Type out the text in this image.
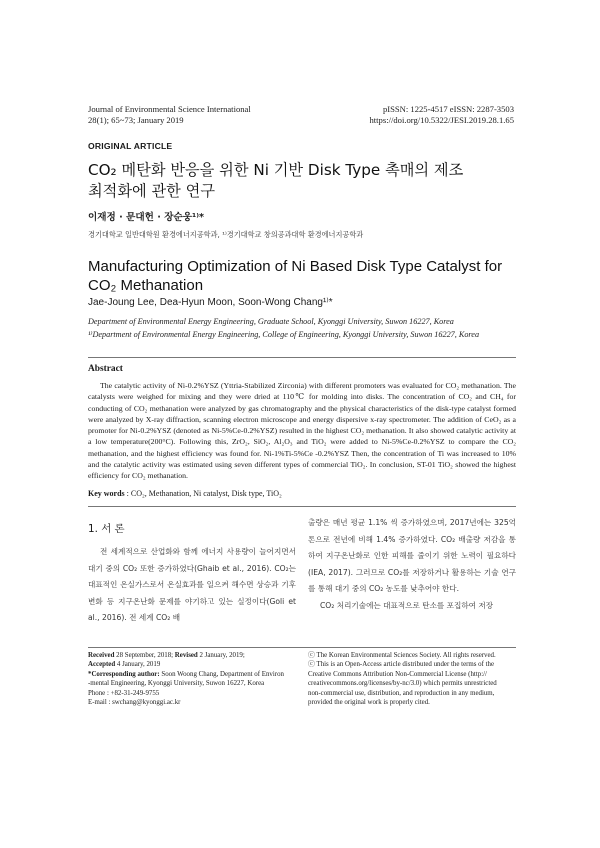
Journal of Environmental Science International
28(1); 65~73; January 2019
pISSN: 1225-4517 eISSN: 2287-3503
https://doi.org/10.5322/JESI.2019.28.1.65
ORIGINAL ARTICLE
CO₂ 메탄화 반응을 위한 Ni 기반 Disk Type 촉매의 제조
최적화에 관한 연구
이재정 · 문대헌 · 장순웅¹⁾*
경기대학교 일반대학원 환경에너지공학과, ¹⁾경기대학교 창의공과대학 환경에너지공학과
Manufacturing Optimization of Ni Based Disk Type Catalyst for
CO₂ Methanation
Jae-Joung Lee, Dea-Hyun Moon, Soon-Wong Chang¹⁾*
Department of Environmental Energy Engineering, Graduate School, Kyonggi University, Suwon 16227, Korea
¹⁾Department of Environmental Energy Engineering, College of Engineering, Kyonggi University, Suwon 16227, Korea
Abstract
The catalytic activity of Ni-0.2%YSZ (Yttria-Stabilized Zirconia) with different promoters was evaluated for CO₂ methanation. The catalysts were weighed for mixing and they were dried at 110℃ for molding into disks. The concentration of CO₂ and CH₄ for conducting of CO₂ methanation were analyzed by gas chromatography and the physical characteristics of the disk-type catalyst formed were analyzed by X-ray diffraction, scanning electron microscope and energy dispersive x-ray spectrometer. The addition of CeO₂ as a promoter for Ni-0.2%YSZ (denoted as Ni-5%Ce-0.2%YSZ) resulted in the highest CO₂ methanation. It also showed catalytic activity at a low temperature(200°C). Following this, ZrO₂, SiO₂, Al₂O₃ and TiO₂ were added to Ni-5%Ce-0.2%YSZ to compare the CO₂ methanation, and the highest efficiency was found for. Ni-1%Ti-5%Ce -0.2%YSZ Then, the concentration of Ti was increased to 10% and the catalytic activity was estimated using seven different types of commercial TiO₂. In conclusion, ST-01 TiO₂ showed the highest efficiency for CO₂ methanation.
Key words : CO₂, Methanation, Ni catalyst, Disk type, TiO₂
1. 서 론

전 세계적으로 산업화와 함께 에너지 사용량이 늘어지면서 대기 중의 CO₂ 또한 증가하였다(Ghaib et al., 2016). CO₂는 대표적인 온실가스로서 온실효과를 일으켜 해수면 상승과 기후변화 등 지구온난화 문제를 야기하고 있는 실정이다(Goli et al., 2016). 전 세계 CO₂ 배

출량은 매년 평균 1.1% 씩 증가하였으며, 2017년에는 325억 톤으로 전년에 비해 1.4% 증가하였다. CO₂ 배출량 저감을 통하여 지구온난화로 인한 피해를 줄이기 위한 노력이 필요하다(IEA, 2017). 그러므로 CO₂를 저장하거나 활용하는 기술 연구를 통해 대기 중의 CO₂ 농도를 낮추어야 한다.

CO₂ 처리기술에는 대표적으로 탄소를 포집하여 저장

Received 28 September, 2018; Revised 2 January, 2019;
Accepted 4 January, 2019
*Corresponding author: Soon Woong Chang, Department of Environ
-mental Engineering, Kyonggi University, Suwon 16227, Korea
Phone : +82-31-249-9755
E-mail : swchang@kyonggi.ac.kr
ⓒ The Korean Environmental Sciences Society. All rights reserved.
ⓒ This is an Open-Access article distributed under the terms of the
Creative Commons Attribution Non-Commercial License (http://
creativecommons.org/licenses/by-nc/3.0) which permits unrestricted
non-commercial use, distribution, and reproduction in any medium,
provided the original work is properly cited.
